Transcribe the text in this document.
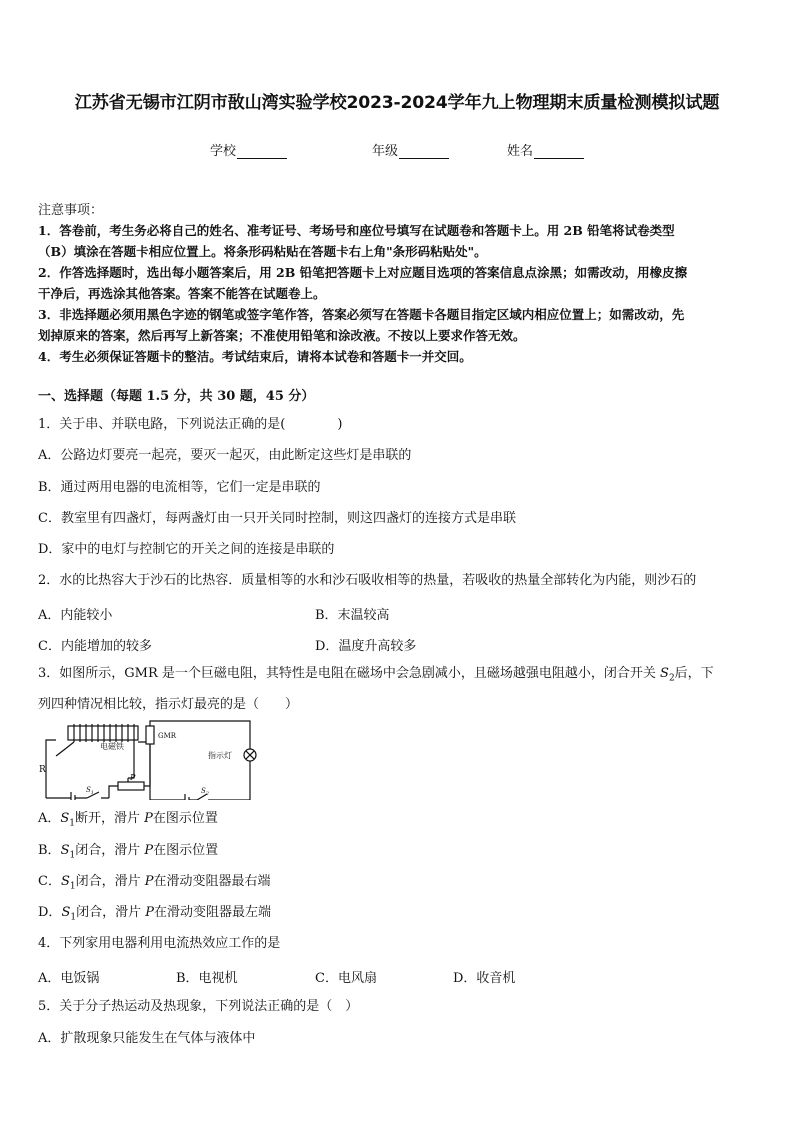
江苏省无锡市江阴市敔山湾实验学校2023-2024学年九上物理期末质量检测模拟试题
学校	年级	姓名
注意事项：
1．答卷前，考生务必将自己的姓名、准考证号、考场号和座位号填写在试题卷和答题卡上。用 2B 铅笔将试卷类型
（B）填涂在答题卡相应位置上。将条形码粘贴在答题卡右上角"条形码粘贴处"。
2．作答选择题时，选出每小题答案后，用 2B 铅笔把答题卡上对应题目选项的答案信息点涂黑；如需改动，用橡皮擦
干净后，再选涂其他答案。答案不能答在试题卷上。
3．非选择题必须用黑色字迹的钢笔或签字笔作答，答案必须写在答题卡各题目指定区域内相应位置上；如需改动，先
划掉原来的答案，然后再写上新答案；不准使用铅笔和涂改液。不按以上要求作答无效。
4．考生必须保证答题卡的整洁。考试结束后，请将本试卷和答题卡一并交回。
一、选择题（每题 1.5 分，共 30 题，45 分）
1．关于串、并联电路，下列说法正确的是(　　　　)
A．公路边灯要亮一起亮，要灭一起灭，由此断定这些灯是串联的
B．通过两用电器的电流相等，它们一定是串联的
C．教室里有四盏灯，每两盏灯由一只开关同时控制，则这四盏灯的连接方式是串联
D．家中的电灯与控制它的开关之间的连接是串联的
2．水的比热容大于沙石的比热容．质量相等的水和沙石吸收相等的热量，若吸收的热量全部转化为内能，则沙石的
A．内能较小	B．末温较高
C．内能增加的较多	D．温度升高较多
3．如图所示，GMR 是一个巨磁电阻，其特性是电阻在磁场中会急剧减小，且磁场越强电阻越小，闭合开关 $S_2$后，下
列四种情况相比较，指示灯最亮的是（　　）
电磁铁
GMR
指示灯
R
P
$S_1$	$S_2$
A．$S_1$断开，滑片 P在图示位置
B．$S_1$闭合，滑片 P在图示位置
C．$S_1$闭合，滑片 P在滑动变阻器最右端
D．$S_1$闭合，滑片 P在滑动变阻器最左端
4．下列家用电器利用电流热效应工作的是
A．电饭锅	B．电视机	C．电风扇	D．收音机
5．关于分子热运动及热现象，下列说法正确的是（　）
A．扩散现象只能发生在气体与液体中
